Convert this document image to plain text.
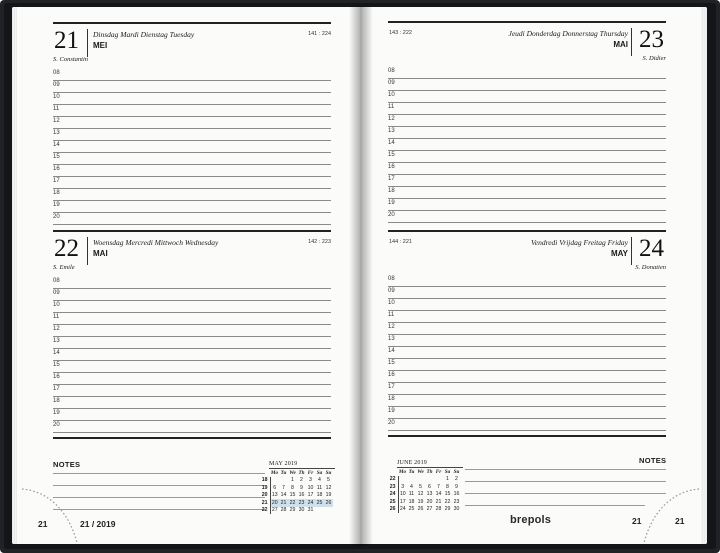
21 Dinsdag Mardi Dienstag Tuesday
MEI
141 : 224
S. Constantin
08
09
10
11
12
13
14
15
16
17
18
19
20
22 Woensdag Mercredi Mittwoch Wednesday
MAI
142 : 223
S. Emile
08
09
10
11
12
13
14
15
16
17
18
19
20
NOTES	MAY 2019
	Mo	Tu	We	Th	Fr	Sa	Su
18			1	2	3	4	5
19	6	7	8	9	10	11	12
20	13	14	15	16	17	18	19
21	20	21	22	23	24	25	26
22	27	28	29	30	31		
21	21 / 2019
143 : 222	Jeudi Donderdag Donnerstag Thursday
MAI 23
S. Didier
08
09
10
11
12
13
14
15
16
17
18
19
20
144 : 221	Vendredi Vrijdag Freitag Friday
MAY 24
S. Donatien
08
09
10
11
12
13
14
15
16
17
18
19
20
JUNE 2019
	Mo	Tu	We	Th	Fr	Sa	Su
22						1	2
23	3	4	5	6	7	8	9
24	10	11	12	13	14	15	16
25	17	18	19	20	21	22	23
26	24	25	26	27	28	29	30
NOTES
brepols	21	21
